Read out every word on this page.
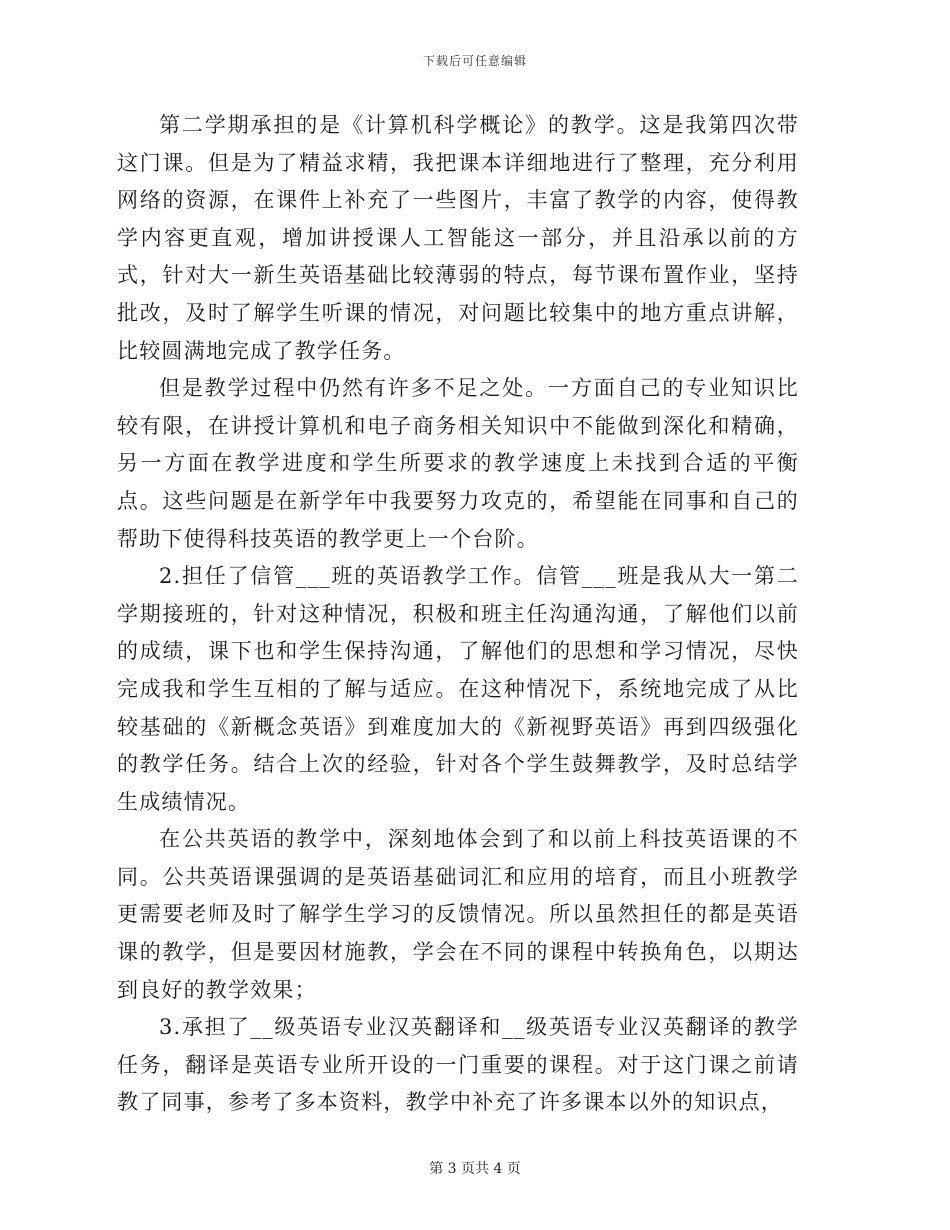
下载后可任意编辑

第二学期承担的是《计算机科学概论》的教学。这是我第四次带这门课。但是为了精益求精，我把课本详细地进行了整理，充分利用网络的资源，在课件上补充了一些图片，丰富了教学的内容，使得教学内容更直观，增加讲授课人工智能这一部分，并且沿承以前的方式，针对大一新生英语基础比较薄弱的特点，每节课布置作业，坚持批改，及时了解学生听课的情况，对问题比较集中的地方重点讲解，比较圆满地完成了教学任务。

但是教学过程中仍然有许多不足之处。一方面自己的专业知识比较有限，在讲授计算机和电子商务相关知识中不能做到深化和精确，另一方面在教学进度和学生所要求的教学速度上未找到合适的平衡点。这些问题是在新学年中我要努力攻克的，希望能在同事和自己的帮助下使得科技英语的教学更上一个台阶。

2.担任了信管___班的英语教学工作。信管___班是我从大一第二学期接班的，针对这种情况，积极和班主任沟通沟通，了解他们以前的成绩，课下也和学生保持沟通，了解他们的思想和学习情况，尽快完成我和学生互相的了解与适应。在这种情况下，系统地完成了从比较基础的《新概念英语》到难度加大的《新视野英语》再到四级强化的教学任务。结合上次的经验，针对各个学生鼓舞教学，及时总结学生成绩情况。

在公共英语的教学中，深刻地体会到了和以前上科技英语课的不同。公共英语课强调的是英语基础词汇和应用的培育，而且小班教学更需要老师及时了解学生学习的反馈情况。所以虽然担任的都是英语课的教学，但是要因材施教，学会在不同的课程中转换角色，以期达到良好的教学效果；

3.承担了__级英语专业汉英翻译和__级英语专业汉英翻译的教学任务，翻译是英语专业所开设的一门重要的课程。对于这门课之前请教了同事，参考了多本资料，教学中补充了许多课本以外的知识点，

第 3 页共 4 页
